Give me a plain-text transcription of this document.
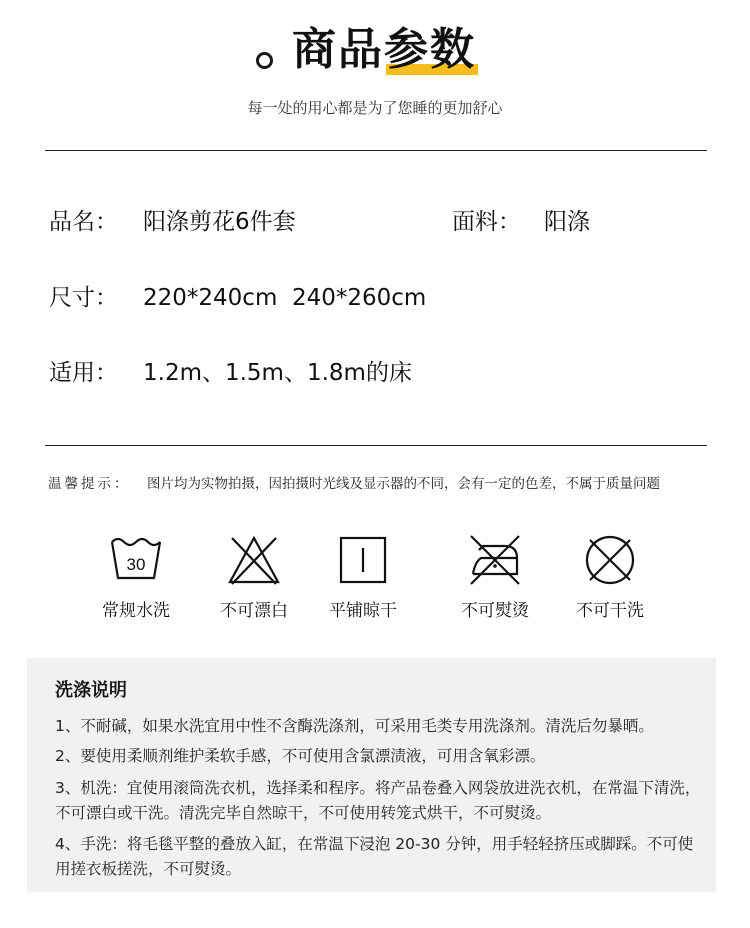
商品参数
每一处的用心都是为了您睡的更加舒心
品名： 阳涤剪花6件套	面料： 阳涤
尺寸： 220*240cm  240*260cm
适用： 1.2m、1.5m、1.8m的床
温馨提示： 图片均为实物拍摄，因拍摄时光线及显示器的不同，会有一定的色差，不属于质量问题
30
常规水洗	不可漂白	平铺晾干	不可熨烫	不可干洗
洗涤说明
1、不耐碱，如果水洗宜用中性不含酶洗涤剂，可采用毛类专用洗涤剂。清洗后勿暴晒。
2、要使用柔顺剂维护柔软手感，不可使用含氯漂渍液，可用含氧彩漂。
3、机洗：宜使用滚筒洗衣机，选择柔和程序。将产品卷叠入网袋放进洗衣机，在常温下清洗，不可漂白或干洗。清洗完毕自然晾干，不可使用转笼式烘干，不可熨烫。
4、手洗：将毛毯平整的叠放入缸，在常温下浸泡 20-30 分钟，用手轻轻挤压或脚踩。不可使用搓衣板搓洗，不可熨烫。
